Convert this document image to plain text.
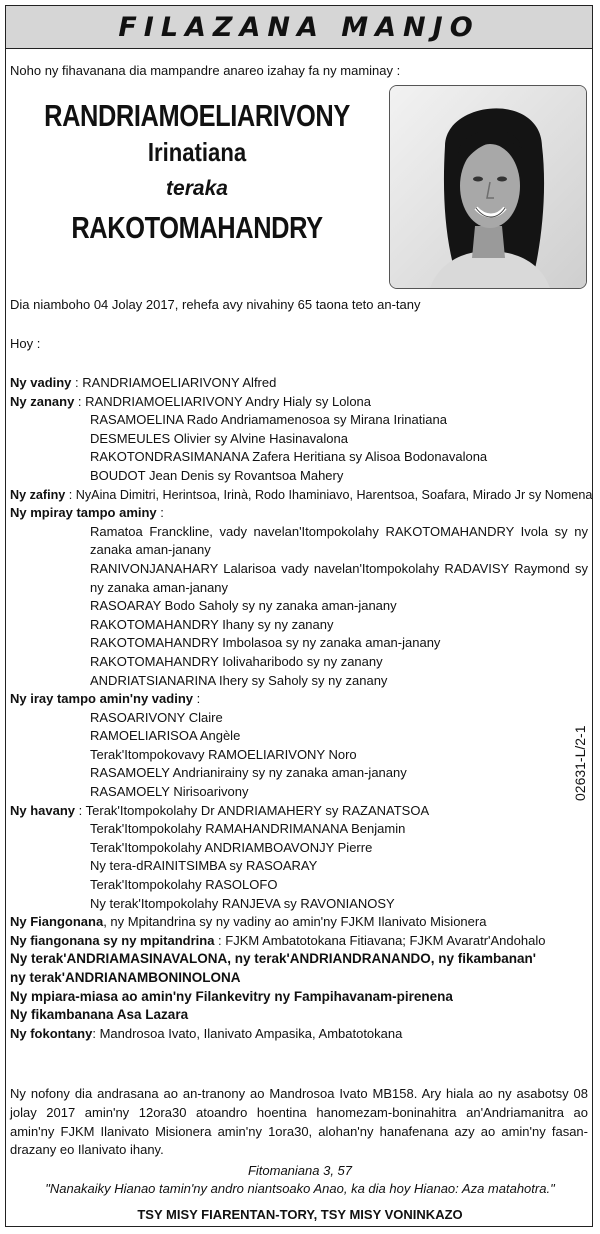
FILAZANA MANJO
Noho ny fihavanana dia mampandre anareo izahay fa ny maminay :
RANDRIAMOELIARIVONY
Irinatiana
teraka
RAKOTOMAHANDRY
Dia niamboho 04 Jolay 2017, rehefa avy nivahiny 65 taona teto an-tany
Hoy :
Ny vadiny : RANDRIAMOELIARIVONY Alfred
Ny zanany : RANDRIAMOELIARIVONY Andry Hialy sy Lolona
RASAMOELINA Rado Andriamamenosoa sy Mirana Irinatiana
DESMEULES Olivier sy Alvine Hasinavalona
RAKOTONDRASIMANANA Zafera Heritiana sy Alisoa Bodonavalona
BOUDOT Jean Denis sy Rovantsoa Mahery
Ny zafiny : NyAina Dimitri, Herintsoa, Irinà, Rodo Ihaminiavo, Harentsoa, Soafara, Mirado Jr sy Nomena
Ny mpiray tampo aminy :
Ramatoa Franckline, vady navelan'Itompokolahy RAKOTOMAHANDRY Ivola sy ny zanaka aman-janany
RANIVONJANAHARY Lalarisoa vady navelan'Itompokolahy RADAVISY Raymond sy ny zanaka aman-janany
RASOARAY Bodo Saholy sy ny zanaka aman-janany
RAKOTOMAHANDRY Ihany sy ny zanany
RAKOTOMAHANDRY Imbolasoa sy ny zanaka aman-janany
RAKOTOMAHANDRY Iolivaharibodo sy ny zanany
ANDRIATSIANARINA Ihery sy Saholy sy ny zanany
Ny iray tampo amin'ny vadiny :
RASOARIVONY Claire
RAMOELIARISOA Angèle
Terak'Itompokovavy RAMOELIARIVONY Noro
RASAMOELY Andrianirainy sy ny zanaka aman-janany
RASAMOELY Nirisoarivony
Ny havany : Terak'Itompokolahy Dr ANDRIAMAHERY sy RAZANATSOA
Terak'Itompokolahy RAMAHANDRIMANANA Benjamin
Terak'Itompokolahy ANDRIAMBOAVONJY Pierre
Ny tera-dRAINITSIMBA sy RASOARAY
Terak'Itompokolahy RASOLOFO
Ny terak'Itompokolahy RANJEVA sy RAVONIANOSY
Ny Fiangonana, ny Mpitandrina sy ny vadiny ao amin'ny FJKM Ilanivato Misionera
Ny fiangonana sy ny mpitandrina : FJKM Ambatotokana Fitiavana; FJKM Avaratr'Andohalo
Ny terak'ANDRIAMASINAVALONA, ny terak'ANDRIANDRANANDO, ny fikambanan'
ny terak'ANDRIANAMBONINOLONA
Ny mpiara-miasa ao amin'ny Filankevitry ny Fampihavanam-pirenena
Ny fikambanana Asa Lazara
Ny fokontany: Mandrosoa Ivato, Ilanivato Ampasika, Ambatotokana
Ny nofony dia andrasana ao an-tranony ao Mandrosoa Ivato MB158. Ary hiala ao ny asabotsy 08 jolay 2017 amin'ny 12ora30 atoandro hoentina hanomezam-boninahitra an'Andriamanitra ao amin'ny FJKM Ilanivato Misionera amin'ny 1ora30, alohan'ny hanafenana azy ao amin'ny fasan-drazany eo Ilanivato ihany.
Fitomaniana 3, 57
"Nanakaiky Hianao tamin'ny andro niantsoako Anao, ka dia hoy Hianao: Aza matahotra."
TSY MISY FIARENTAN-TORY, TSY MISY VONINKAZO
02631-L/2-1
